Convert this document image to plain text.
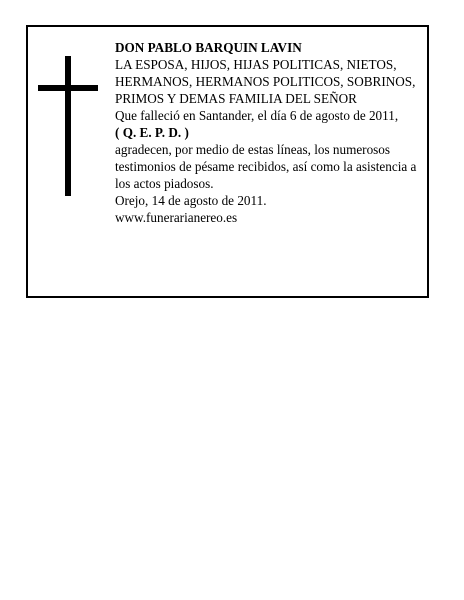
DON PABLO BARQUIN LAVIN
LA ESPOSA, HIJOS, HIJAS POLITICAS, NIETOS, HERMANOS, HERMANOS POLITICOS, SOBRINOS, PRIMOS Y DEMAS FAMILIA DEL SEÑOR
Que falleció en Santander, el día 6 de agosto de 2011,
( Q. E. P. D. )
agradecen, por medio de estas líneas, los numerosos testimonios de pésame recibidos, así como la asistencia a los actos piadosos.
Orejo, 14 de agosto de 2011.
www.funerarianereo.es
